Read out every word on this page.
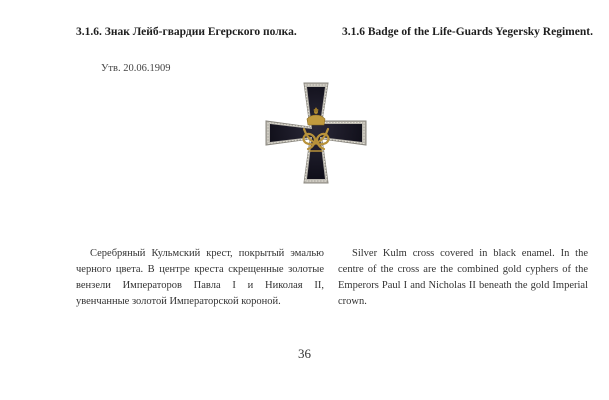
3.1.6. Знак Лейб-гвардии Егерского полка.	3.1.6 Badge of the Life-Guards Yegersky Regiment.
Утв. 20.06.1909
Серебряный Кульмский крест, покрытый эмалью черного цвета. В центре креста скрещенные золотые вензели Императоров Павла I и Николая II, увенчанные золотой Императорской короной.
Silver Kulm cross covered in black enamel. In the centre of the cross are the combined gold cyphers of the Emperors Paul I and Nicholas II beneath the gold Imperial crown.
36
